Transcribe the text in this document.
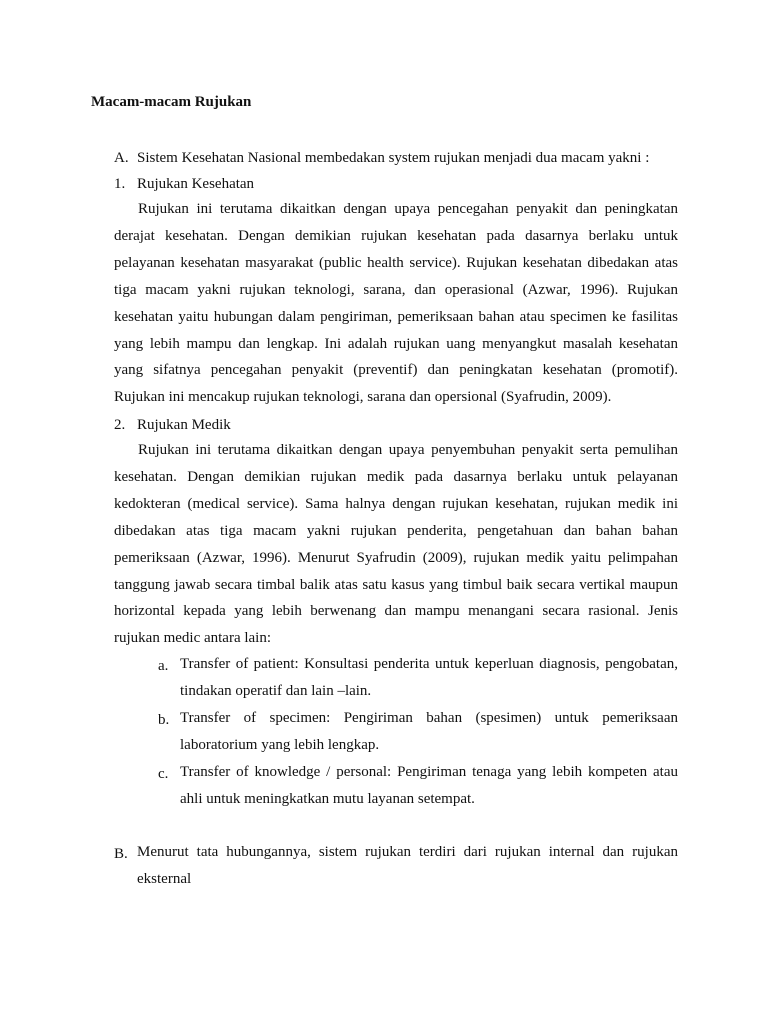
Macam-macam Rujukan
A. Sistem Kesehatan Nasional membedakan system rujukan menjadi dua macam yakni :
1. Rujukan Kesehatan
Rujukan ini terutama dikaitkan dengan upaya pencegahan penyakit dan peningkatan derajat kesehatan. Dengan demikian rujukan kesehatan pada dasarnya berlaku untuk pelayanan kesehatan masyarakat (public health service). Rujukan kesehatan dibedakan atas tiga macam yakni rujukan teknologi, sarana, dan operasional (Azwar, 1996). Rujukan kesehatan yaitu hubungan dalam pengiriman, pemeriksaan bahan atau specimen ke fasilitas yang lebih mampu dan lengkap. Ini adalah rujukan uang menyangkut masalah kesehatan yang sifatnya pencegahan penyakit (preventif) dan peningkatan kesehatan (promotif). Rujukan ini mencakup rujukan teknologi, sarana dan opersional (Syafrudin, 2009).
2. Rujukan Medik
Rujukan ini terutama dikaitkan dengan upaya penyembuhan penyakit serta pemulihan kesehatan. Dengan demikian rujukan medik pada dasarnya berlaku untuk pelayanan kedokteran (medical service). Sama halnya dengan rujukan kesehatan, rujukan medik ini dibedakan atas tiga macam yakni rujukan penderita, pengetahuan dan bahan bahan pemeriksaan (Azwar, 1996). Menurut Syafrudin (2009), rujukan medik yaitu pelimpahan tanggung jawab secara timbal balik atas satu kasus yang timbul baik secara vertikal maupun horizontal kepada yang lebih berwenang dan mampu menangani secara rasional. Jenis rujukan medic antara lain:
a. Transfer of patient: Konsultasi penderita untuk keperluan diagnosis, pengobatan, tindakan operatif dan lain –lain.
b. Transfer of specimen: Pengiriman bahan (spesimen) untuk pemeriksaan laboratorium yang lebih lengkap.
c. Transfer of knowledge / personal: Pengiriman tenaga yang lebih kompeten atau ahli untuk meningkatkan mutu layanan setempat.
B. Menurut tata hubungannya, sistem rujukan terdiri dari rujukan internal dan rujukan eksternal
